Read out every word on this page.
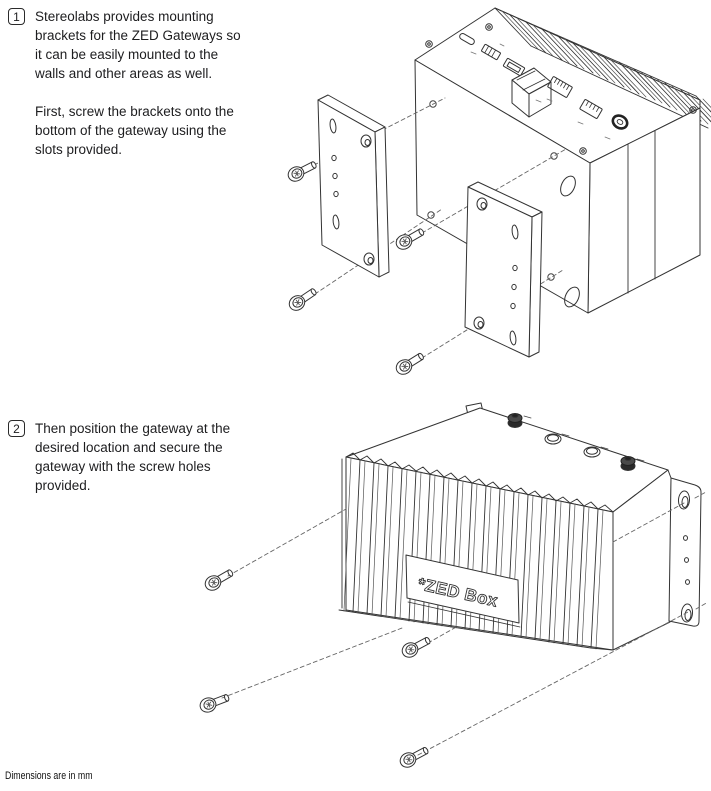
1 Stereolabs provides mounting brackets for the ZED Gateways so it can be easily mounted to the walls and other areas as well.

First, screw the brackets onto the bottom of the gateway using the slots provided.

2 Then position the gateway at the desired location and secure the gateway with the screw holes provided.

Dimensions are in mm
*ZED Box
